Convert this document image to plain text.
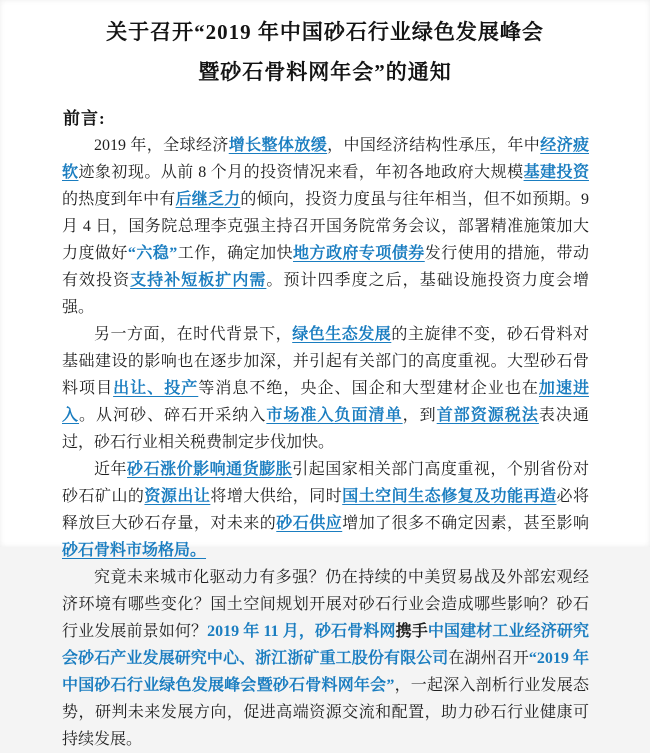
关于召开“2019 年中国砂石行业绿色发展峰会
暨砂石骨料网年会”的通知
前言:

2019 年，全球经济增长整体放缓，中国经济结构性承压，年中经济疲软迹象初现。从前 8 个月的投资情况来看，年初各地政府大规模基建投资的热度到年中有后继乏力的倾向，投资力度虽与往年相当，但不如预期。9 月 4 日，国务院总理李克强主持召开国务院常务会议，部署精准施策加大力度做好“六稳”工作，确定加快地方政府专项债券发行使用的措施，带动有效投资支持补短板扩内需。预计四季度之后，基础设施投资力度会增强。

另一方面，在时代背景下，绿色生态发展的主旋律不变，砂石骨料对基础建设的影响也在逐步加深，并引起有关部门的高度重视。大型砂石骨料项目出让、投产等消息不绝，央企、国企和大型建材企业也在加速进入。从河砂、碎石开采纳入市场准入负面清单，到首部资源税法表决通过，砂石行业相关税费制定步伐加快。

近年砂石涨价影响通货膨胀引起国家相关部门高度重视，个别省份对砂石矿山的资源出让将增大供给，同时国土空间生态修复及功能再造必将释放巨大砂石存量，对未来的砂石供应增加了很多不确定因素，甚至影响砂石骨料市场格局。

究竟未来城市化驱动力有多强？仍在持续的中美贸易战及外部宏观经济环境有哪些变化？国土空间规划开展对砂石行业会造成哪些影响？砂石行业发展前景如何？2019 年 11 月，砂石骨料网携手中国建材工业经济研究会砂石产业发展研究中心、浙江浙矿重工股份有限公司在湖州召开“2019 年中国砂石行业绿色发展峰会暨砂石骨料网年会”，一起深入剖析行业发展态势，研判未来发展方向，促进高端资源交流和配置，助力砂石行业健康可持续发展。
